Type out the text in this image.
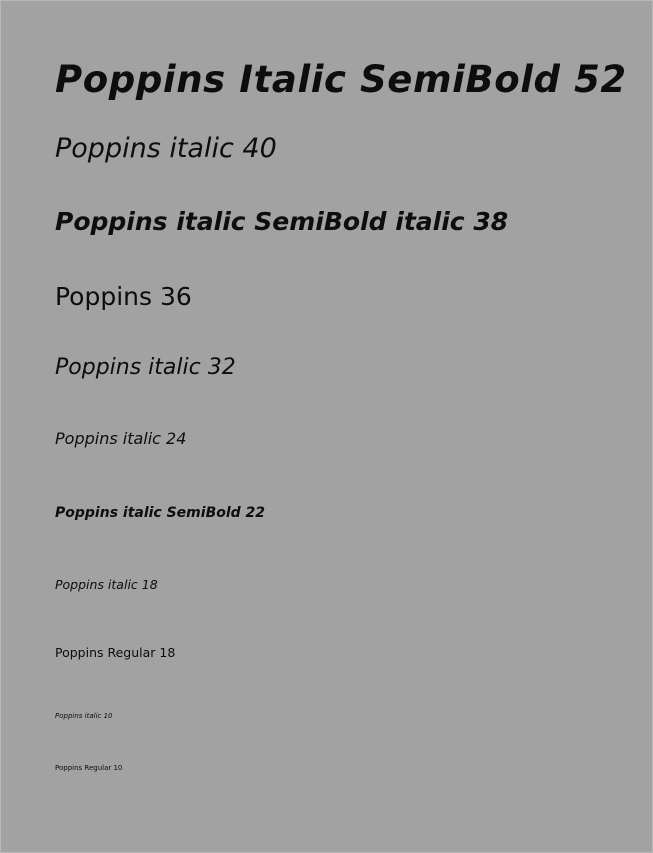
Poppins Italic SemiBold 52

Poppins italic 40

Poppins italic SemiBold italic 38

Poppins 36

Poppins italic 32

Poppins italic 24

Poppins italic SemiBold 22

Poppins italic 18

Poppins Regular 18

Poppins italic 10

Poppins Regular 10
